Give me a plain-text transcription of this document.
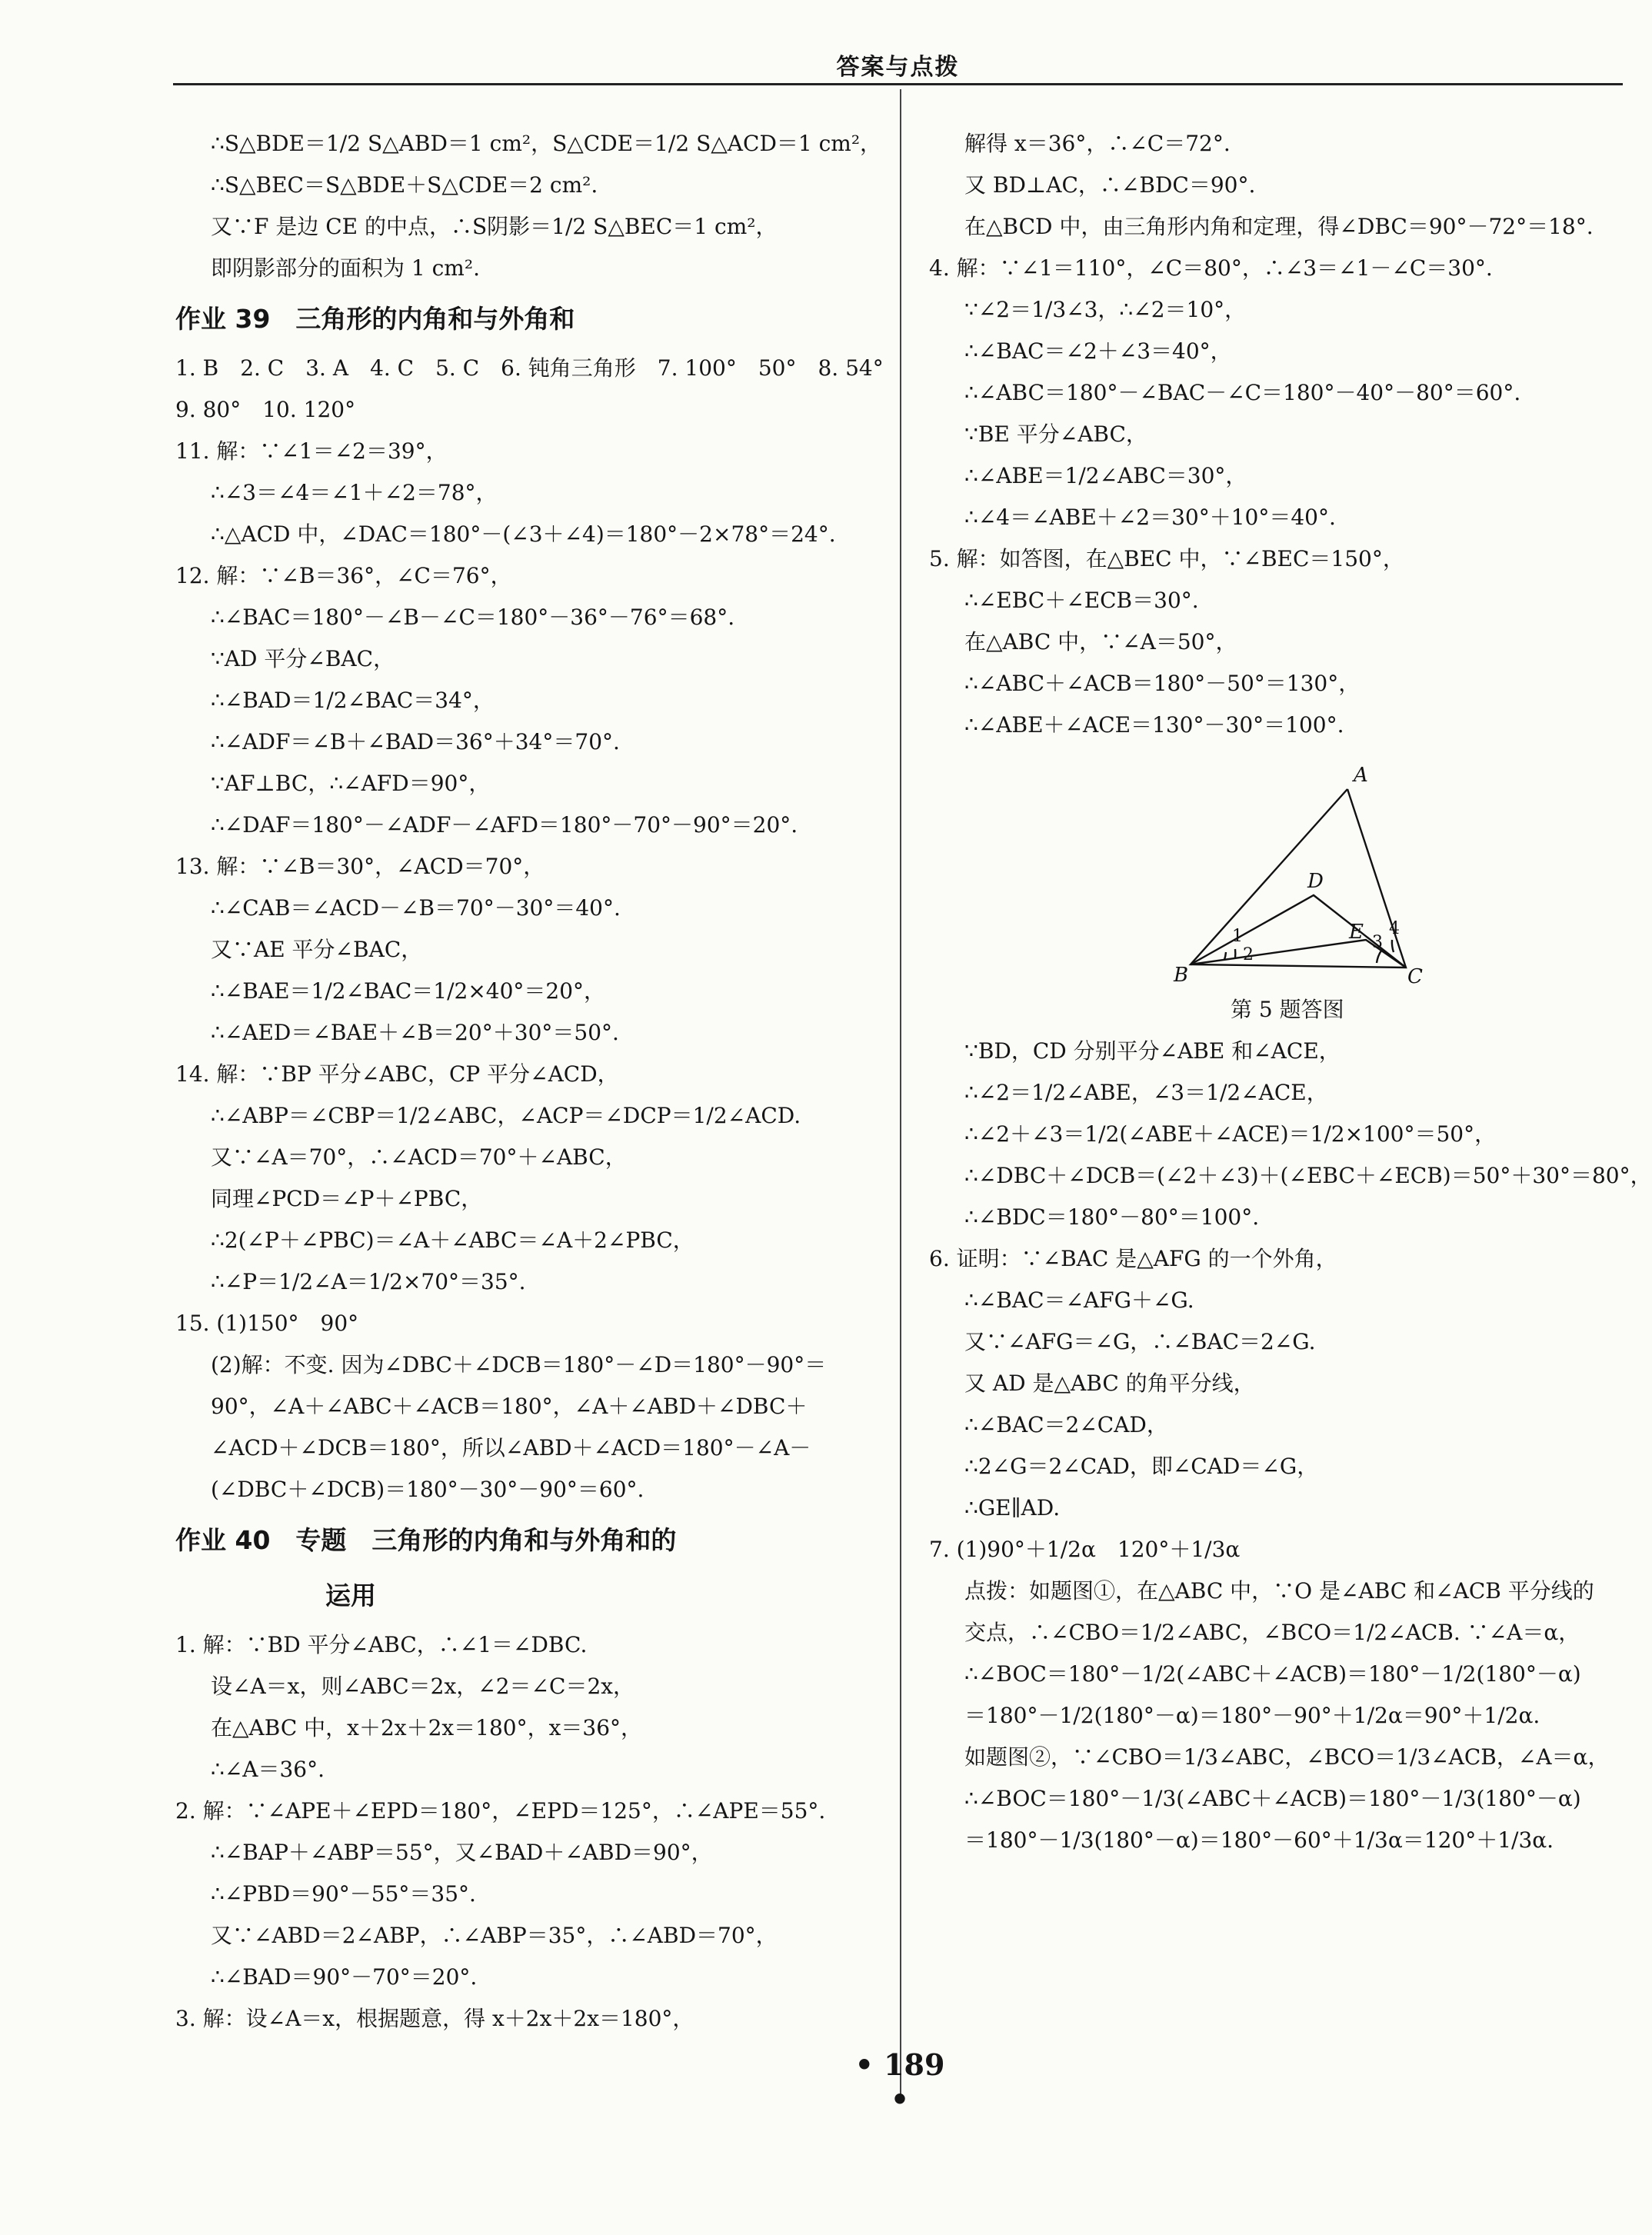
答案与点拨

∴S△BDE＝1/2 S△ABD＝1 cm²，S△CDE＝1/2 S△ACD＝1 cm²，

∴S△BEC＝S△BDE＋S△CDE＝2 cm².

又∵F 是边 CE 的中点，∴S阴影＝1/2 S△BEC＝1 cm²，

即阴影部分的面积为 1 cm².

作业 39　三角形的内角和与外角和

1. B　2. C　3. A　4. C　5. C　6. 钝角三角形　7. 100°　50°　8. 54°

9. 80°　10. 120°

11. 解：∵∠1＝∠2＝39°，

∴∠3＝∠4＝∠1＋∠2＝78°，

∴△ACD 中，∠DAC＝180°－(∠3＋∠4)＝180°－2×78°＝24°.

12. 解：∵∠B＝36°，∠C＝76°，

∴∠BAC＝180°－∠B－∠C＝180°－36°－76°＝68°.

∵AD 平分∠BAC，

∴∠BAD＝1/2∠BAC＝34°，

∴∠ADF＝∠B＋∠BAD＝36°＋34°＝70°.

∵AF⊥BC，∴∠AFD＝90°，

∴∠DAF＝180°－∠ADF－∠AFD＝180°－70°－90°＝20°.

13. 解：∵∠B＝30°，∠ACD＝70°，

∴∠CAB＝∠ACD－∠B＝70°－30°＝40°.

又∵AE 平分∠BAC，

∴∠BAE＝1/2∠BAC＝1/2×40°＝20°，

∴∠AED＝∠BAE＋∠B＝20°＋30°＝50°.

14. 解：∵BP 平分∠ABC，CP 平分∠ACD，

∴∠ABP＝∠CBP＝1/2∠ABC，∠ACP＝∠DCP＝1/2∠ACD.

又∵∠A＝70°，∴∠ACD＝70°＋∠ABC，

同理∠PCD＝∠P＋∠PBC，

∴2(∠P＋∠PBC)＝∠A＋∠ABC＝∠A＋2∠PBC，

∴∠P＝1/2∠A＝1/2×70°＝35°.

15. (1)150°　90°

(2)解：不变. 因为∠DBC＋∠DCB＝180°－∠D＝180°－90°＝

90°，∠A＋∠ABC＋∠ACB＝180°，∠A＋∠ABD＋∠DBC＋

∠ACD＋∠DCB＝180°，所以∠ABD＋∠ACD＝180°－∠A－

(∠DBC＋∠DCB)＝180°－30°－90°＝60°.

作业 40　专题　三角形的内角和与外角和的

运用

1. 解：∵BD 平分∠ABC，∴∠1＝∠DBC.

设∠A＝x，则∠ABC＝2x，∠2＝∠C＝2x，

在△ABC 中，x＋2x＋2x＝180°，x＝36°，

∴∠A＝36°.

2. 解：∵∠APE＋∠EPD＝180°，∠EPD＝125°，∴∠APE＝55°.

∴∠BAP＋∠ABP＝55°，又∠BAD＋∠ABD＝90°，

∴∠PBD＝90°－55°＝35°.

又∵∠ABD＝2∠ABP，∴∠ABP＝35°，∴∠ABD＝70°，

∴∠BAD＝90°－70°＝20°.

3. 解：设∠A＝x，根据题意，得 x＋2x＋2x＝180°，

解得 x＝36°，∴∠C＝72°.

又 BD⊥AC，∴∠BDC＝90°.

在△BCD 中，由三角形内角和定理，得∠DBC＝90°－72°＝18°.

4. 解：∵∠1＝110°，∠C＝80°，∴∠3＝∠1－∠C＝30°.

∵∠2＝1/3∠3，∴∠2＝10°，

∴∠BAC＝∠2＋∠3＝40°，

∴∠ABC＝180°－∠BAC－∠C＝180°－40°－80°＝60°.

∵BE 平分∠ABC，

∴∠ABE＝1/2∠ABC＝30°，

∴∠4＝∠ABE＋∠2＝30°＋10°＝40°.

5. 解：如答图，在△BEC 中，∵∠BEC＝150°，

∴∠EBC＋∠ECB＝30°.

在△ABC 中，∵∠A＝50°，

∴∠ABC＋∠ACB＝180°－50°＝130°，

∴∠ABE＋∠ACE＝130°－30°＝100°.

A
D
E
B	C
1
2
3
4

第 5 题答图

∵BD，CD 分别平分∠ABE 和∠ACE，

∴∠2＝1/2∠ABE，∠3＝1/2∠ACE，

∴∠2＋∠3＝1/2(∠ABE＋∠ACE)＝1/2×100°＝50°，

∴∠DBC＋∠DCB＝(∠2＋∠3)＋(∠EBC＋∠ECB)＝50°＋30°＝80°，

∴∠BDC＝180°－80°＝100°.

6. 证明：∵∠BAC 是△AFG 的一个外角，

∴∠BAC＝∠AFG＋∠G.

又∵∠AFG＝∠G，∴∠BAC＝2∠G.

又 AD 是△ABC 的角平分线，

∴∠BAC＝2∠CAD，

∴2∠G＝2∠CAD，即∠CAD＝∠G，

∴GE∥AD.

7. (1)90°＋1/2α　120°＋1/3α

点拨：如题图①，在△ABC 中，∵O 是∠ABC 和∠ACB 平分线的

交点，∴∠CBO＝1/2∠ABC，∠BCO＝1/2∠ACB. ∵∠A＝α，

∴∠BOC＝180°－1/2(∠ABC＋∠ACB)＝180°－1/2(180°－α)

＝180°－1/2(180°－α)＝180°－90°＋1/2α＝90°＋1/2α.

如题图②，∵∠CBO＝1/3∠ABC，∠BCO＝1/3∠ACB，∠A＝α，

∴∠BOC＝180°－1/3(∠ABC＋∠ACB)＝180°－1/3(180°－α)

＝180°－1/3(180°－α)＝180°－60°＋1/3α＝120°＋1/3α.

• 189 •
